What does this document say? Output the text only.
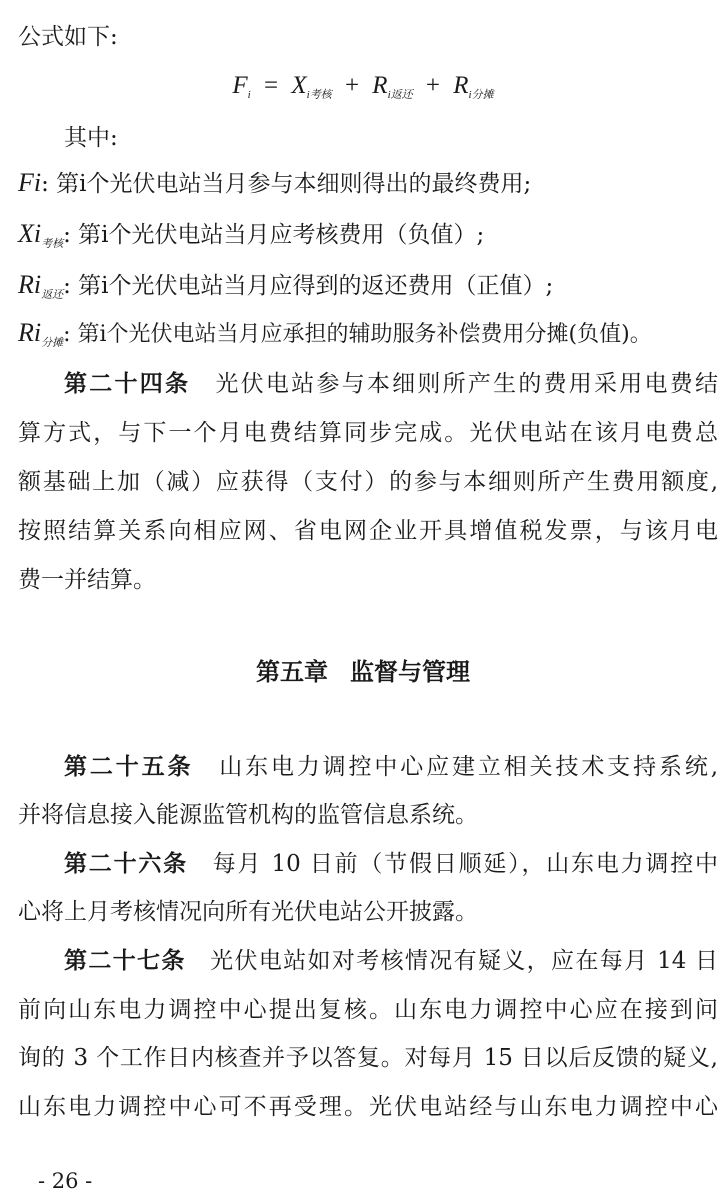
公式如下:
$F_i = X_{i考核} + R_{i返还} + R_{i分摊}$
其中:
Fi: 第i个光伏电站当月参与本细则得出的最终费用;
$Xi_{考核}$: 第i个光伏电站当月应考核费用（负值）;
$Ri_{返还}$: 第i个光伏电站当月应得到的返还费用（正值）;
$Ri_{分摊}$: 第i个光伏电站当月应承担的辅助服务补偿费用分摊(负值)。
第二十四条  光伏电站参与本细则所产生的费用采用电费结
算方式，与下一个月电费结算同步完成。光伏电站在该月电费总
额基础上加（减）应获得（支付）的参与本细则所产生费用额度,
按照结算关系向相应网、省电网企业开具增值税发票，与该月电
费一并结算。
第五章 监督与管理
第二十五条  山东电力调控中心应建立相关技术支持系统,
并将信息接入能源监管机构的监管信息系统。
第二十六条  每月 10 日前（节假日顺延），山东电力调控中
心将上月考核情况向所有光伏电站公开披露。
第二十七条  光伏电站如对考核情况有疑义，应在每月 14 日
前向山东电力调控中心提出复核。山东电力调控中心应在接到问
询的 3 个工作日内核查并予以答复。对每月 15 日以后反馈的疑义,
山东电力调控中心可不再受理。光伏电站经与山东电力调控中心
- 26 -
